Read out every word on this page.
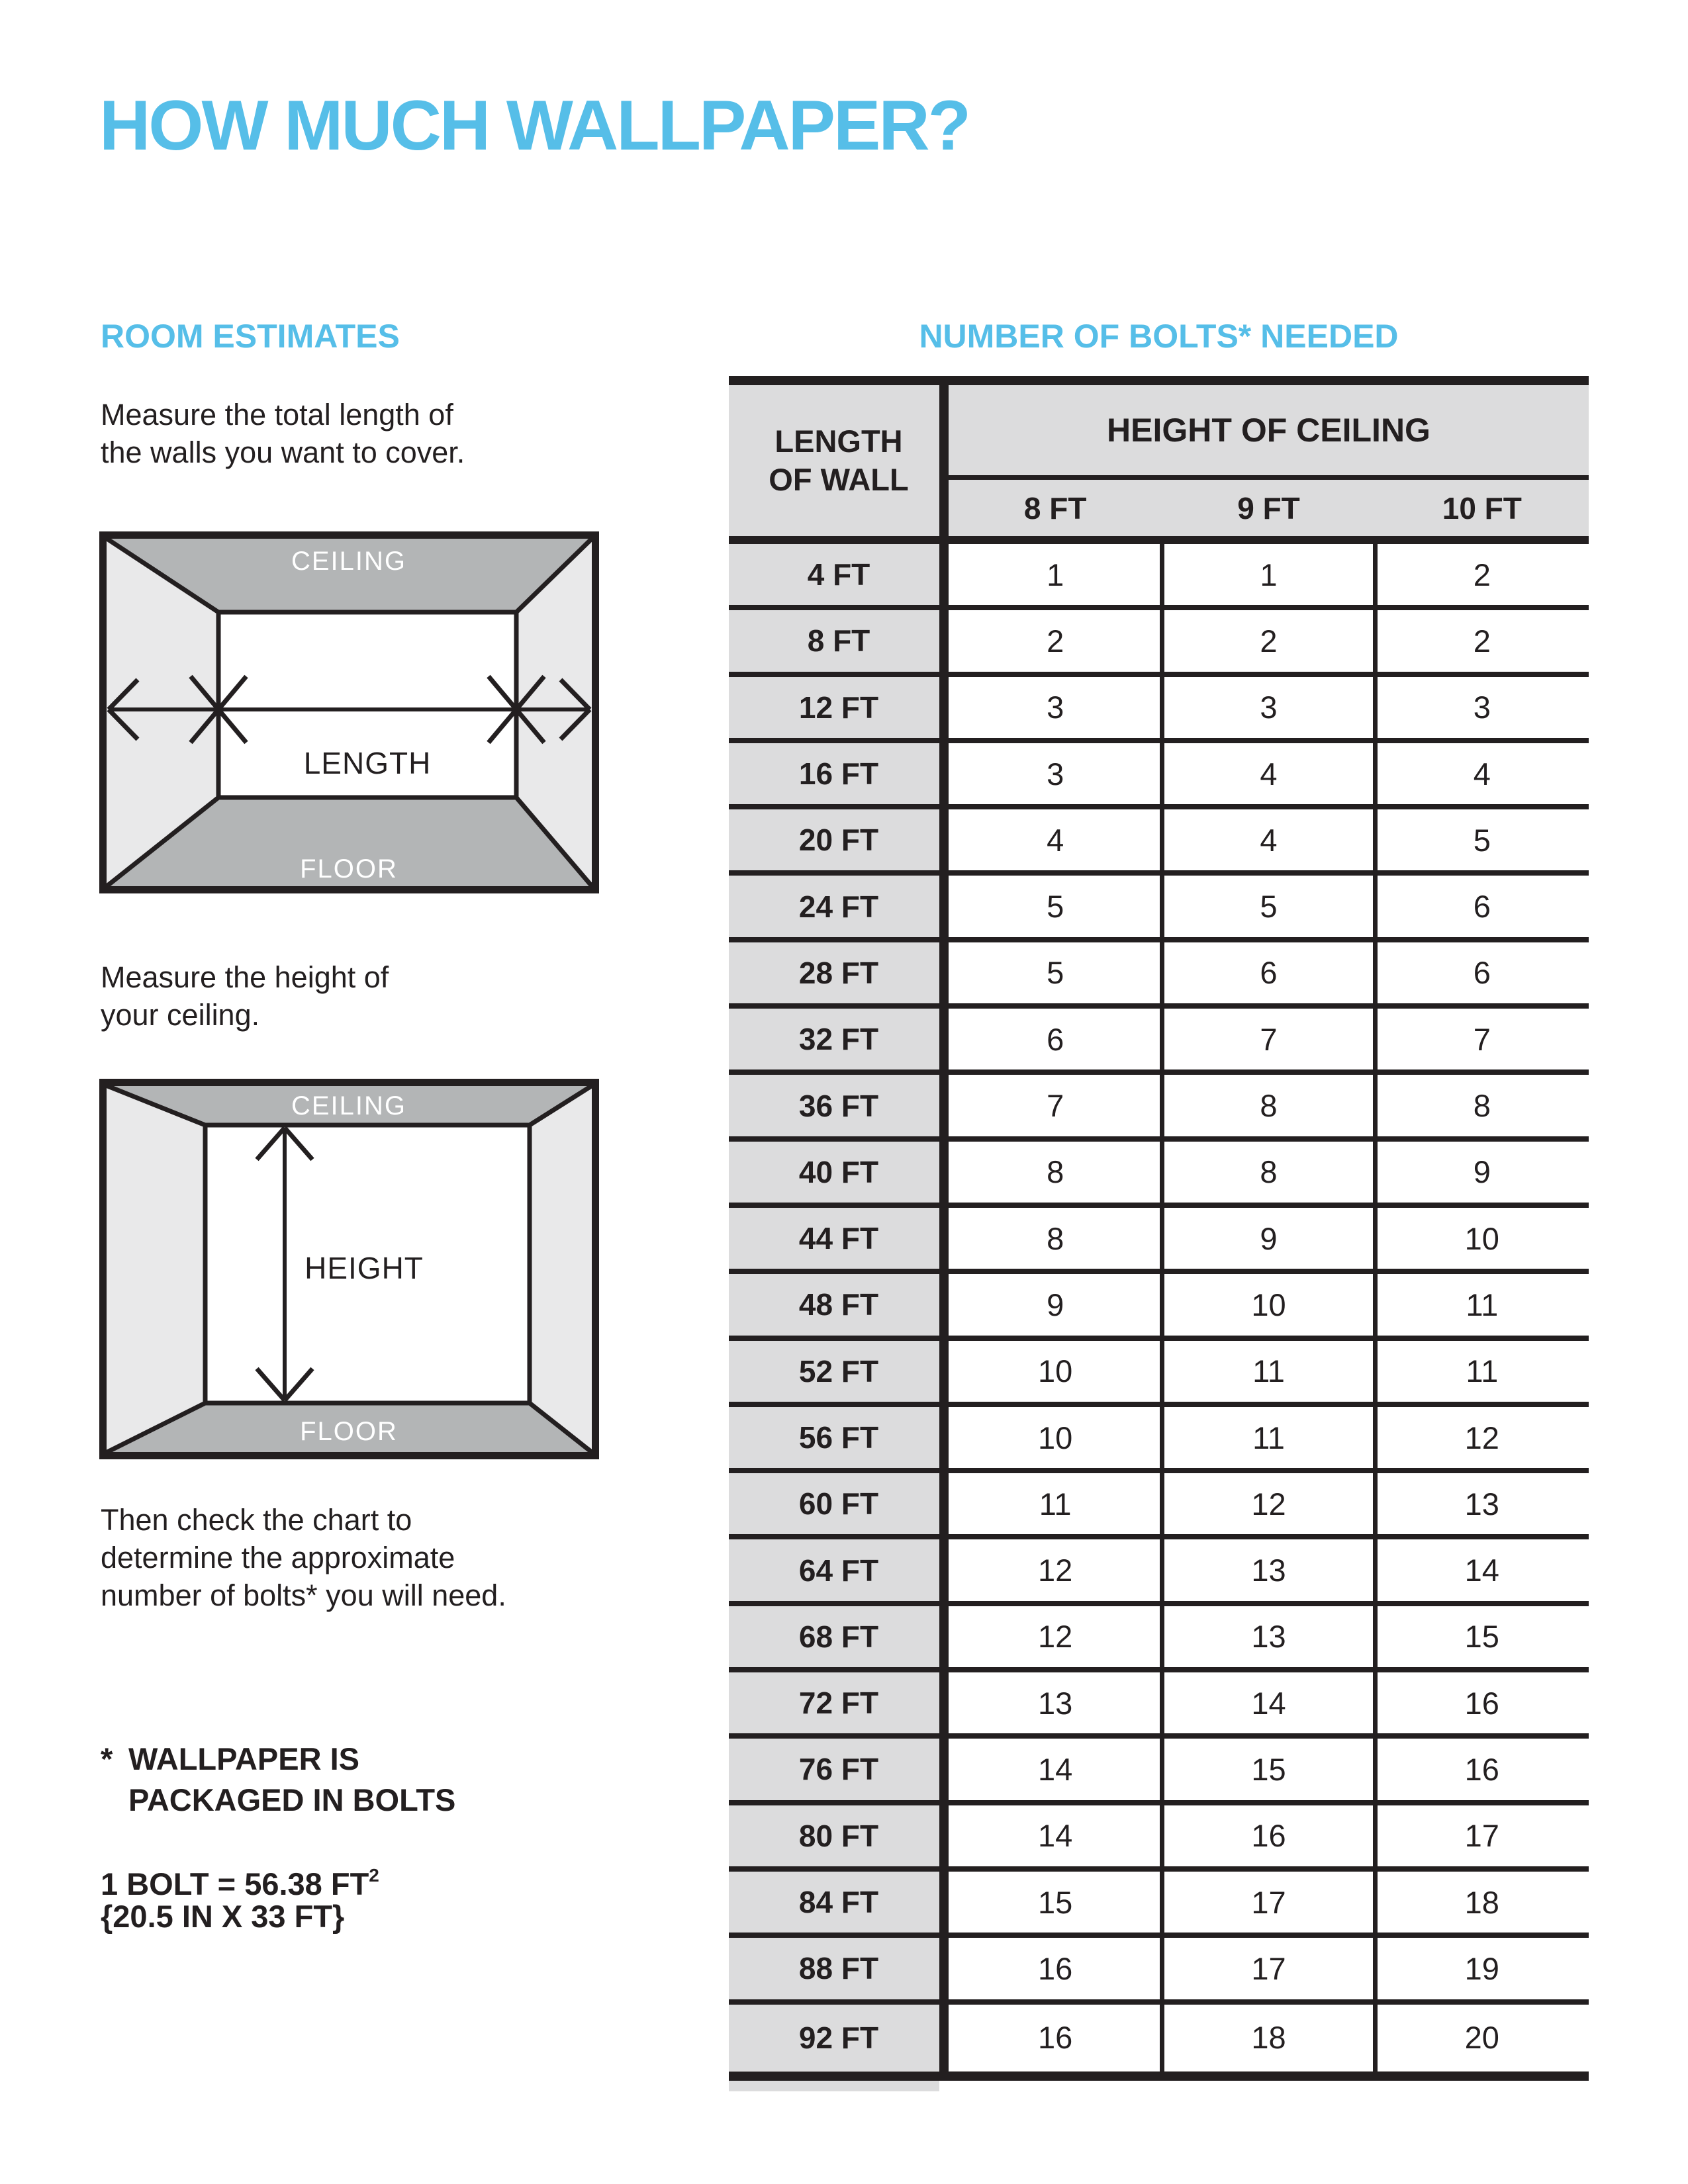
HOW MUCH WALLPAPER?
ROOM ESTIMATES
Measure the total length of
the walls you want to cover.
CEILING
LENGTH
FLOOR
Measure the height of
your ceiling.
CEILING
HEIGHT
FLOOR
Then check the chart to
determine the approximate
number of bolts* you will need.
* WALLPAPER IS
PACKAGED IN BOLTS
1 BOLT = 56.38 $FT^2$
{20.5 IN X 33 FT}
NUMBER OF BOLTS* NEEDED
LENGTH
OF WALL
HEIGHT OF CEILING
8 FT	9 FT	10 FT
4 FT	1	1	2
8 FT	2	2	2
12 FT	3	3	3
16 FT	3	4	4
20 FT	4	4	5
24 FT	5	5	6
28 FT	5	6	6
32 FT	6	7	7
36 FT	7	8	8
40 FT	8	8	9
44 FT	8	9	10
48 FT	9	10	11
52 FT	10	11	11
56 FT	10	11	12
60 FT	11	12	13
64 FT	12	13	14
68 FT	12	13	15
72 FT	13	14	16
76 FT	14	15	16
80 FT	14	16	17
84 FT	15	17	18
88 FT	16	17	19
92 FT	16	18	20
